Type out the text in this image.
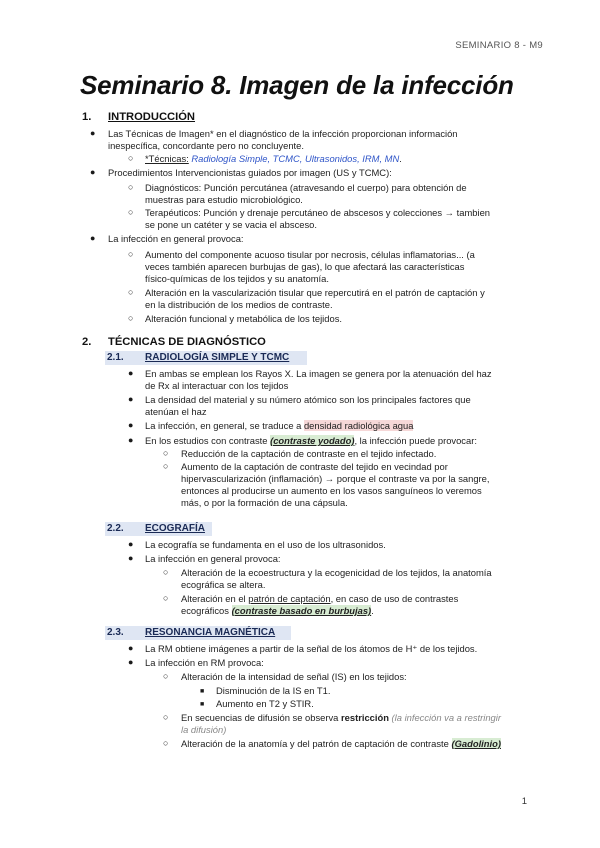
SEMINARIO 8 - M9
Seminario 8. Imagen de la infección
1. INTRODUCCIÓN
● Las Técnicas de Imagen* en el diagnóstico de la infección proporcionan información
inespecífica, concordante pero no concluyente.
○ *Técnicas: Radiología Simple, TCMC, Ultrasonidos, IRM, MN.
● Procedimientos Intervencionistas guiados por imagen (US y TCMC):
○ Diagnósticos: Punción percutánea (atravesando el cuerpo) para obtención de
muestras para estudio microbiológico.
○ Terapéuticos: Punción y drenaje percutáneo de abscesos y colecciones → tambien
se pone un catéter y se vacia el absceso.
● La infección en general provoca:
○ Aumento del componente acuoso tisular por necrosis, células inflamatorias... (a
veces también aparecen burbujas de gas), lo que afectará las características
físico-químicas de los tejidos y su anatomía.
○ Alteración en la vascularización tisular que repercutirá en el patrón de captación y
en la distribución de los medios de contraste.
○ Alteración funcional y metabólica de los tejidos.
2. TÉCNICAS DE DIAGNÓSTICO
2.1. RADIOLOGÍA SIMPLE Y TCMC
● En ambas se emplean los Rayos X. La imagen se genera por la atenuación del haz
de Rx al interactuar con los tejidos
● La densidad del material y su número atómico son los principales factores que
atenúan el haz
● La infección, en general, se traduce a densidad radiológica agua
● En los estudios con contraste (contraste yodado), la infección puede provocar:
○ Reducción de la captación de contraste en el tejido infectado.
○ Aumento de la captación de contraste del tejido en vecindad por
hipervascularización (inflamación) → porque el contraste va por la sangre,
entonces al producirse un aumento en los vasos sanguíneos lo veremos
más, o por la formación de una cápsula.
2.2. ECOGRAFÍA
● La ecografía se fundamenta en el uso de los ultrasonidos.
● La infección en general provoca:
○ Alteración de la ecoestructura y la ecogenicidad de los tejidos, la anatomía
ecográfica se altera.
○ Alteración en el patrón de captación, en caso de uso de contrastes
ecográficos (contraste basado en burbujas).
2.3. RESONANCIA MAGNÉTICA
● La RM obtiene imágenes a partir de la señal de los átomos de H⁺ de los tejidos.
● La infección en RM provoca:
○ Alteración de la intensidad de señal (IS) en los tejidos:
■ Disminución de la IS en T1.
■ Aumento en T2 y STIR.
○ En secuencias de difusión se observa restricción (la infección va a restringir
la difusión)
○ Alteración de la anatomía y del patrón de captación de contraste (Gadolinio)
1
